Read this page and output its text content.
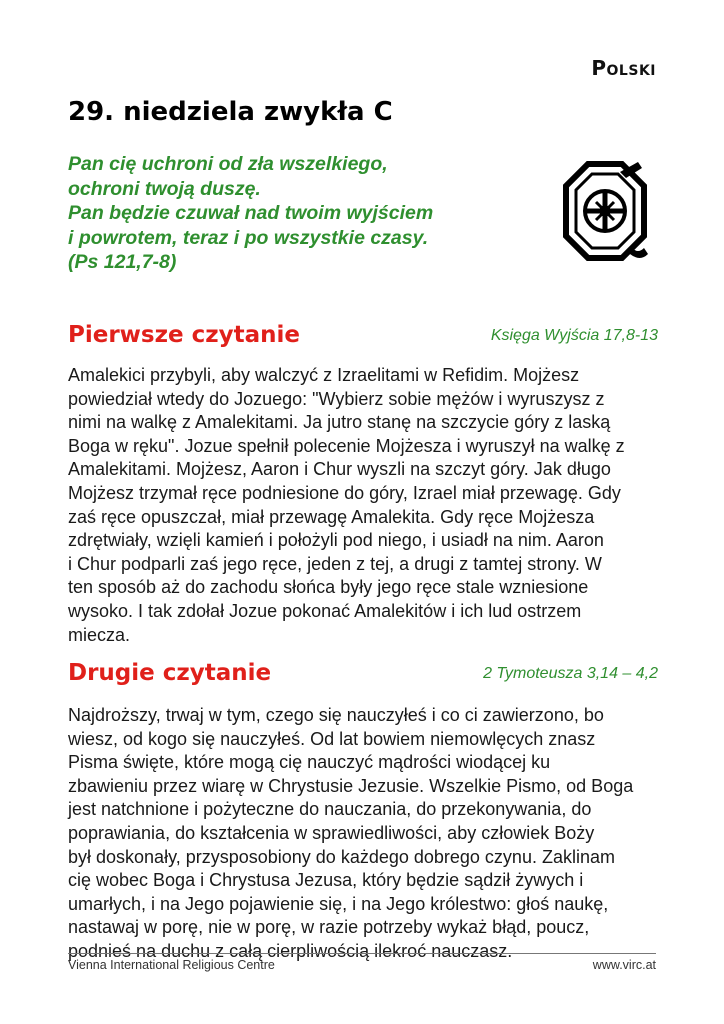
Polski
29. niedziela zwykła C
Pan cię uchroni od zła wszelkiego,
ochroni twoją duszę.
Pan będzie czuwał nad twoim wyjściem
i powrotem, teraz i po wszystkie czasy.
(Ps 121,7-8)
Pierwsze czytanie	Księga Wyjścia 17,8-13
Amalekici przybyli, aby walczyć z Izraelitami w Refidim. Mojżesz
powiedział wtedy do Jozuego: "Wybierz sobie mężów i wyruszysz z
nimi na walkę z Amalekitami. Ja jutro stanę na szczycie góry z laską
Boga w ręku". Jozue spełnił polecenie Mojżesza i wyruszył na walkę z
Amalekitami. Mojżesz, Aaron i Chur wyszli na szczyt góry. Jak długo
Mojżesz trzymał ręce podniesione do góry, Izrael miał przewagę. Gdy
zaś ręce opuszczał, miał przewagę Amalekita. Gdy ręce Mojżesza
zdrętwiały, wzięli kamień i położyli pod niego, i usiadł na nim. Aaron
i Chur podparli zaś jego ręce, jeden z tej, a drugi z tamtej strony. W
ten sposób aż do zachodu słońca były jego ręce stale wzniesione
wysoko. I tak zdołał Jozue pokonać Amalekitów i ich lud ostrzem
miecza.
Drugie czytanie	2 Tymoteusza 3,14 – 4,2
Najdroższy, trwaj w tym, czego się nauczyłeś i co ci zawierzono, bo
wiesz, od kogo się nauczyłeś. Od lat bowiem niemowlęcych znasz
Pisma święte, które mogą cię nauczyć mądrości wiodącej ku
zbawieniu przez wiarę w Chrystusie Jezusie. Wszelkie Pismo, od Boga
jest natchnione i pożyteczne do nauczania, do przekonywania, do
poprawiania, do kształcenia w sprawiedliwości, aby człowiek Boży
był doskonały, przysposobiony do każdego dobrego czynu. Zaklinam
cię wobec Boga i Chrystusa Jezusa, który będzie sądził żywych i
umarłych, i na Jego pojawienie się, i na Jego królestwo: głoś naukę,
nastawaj w porę, nie w porę, w razie potrzeby wykaż błąd, poucz,
podnieś na duchu z całą cierpliwością ilekroć nauczasz.
Vienna International Religious Centre	www.virc.at
